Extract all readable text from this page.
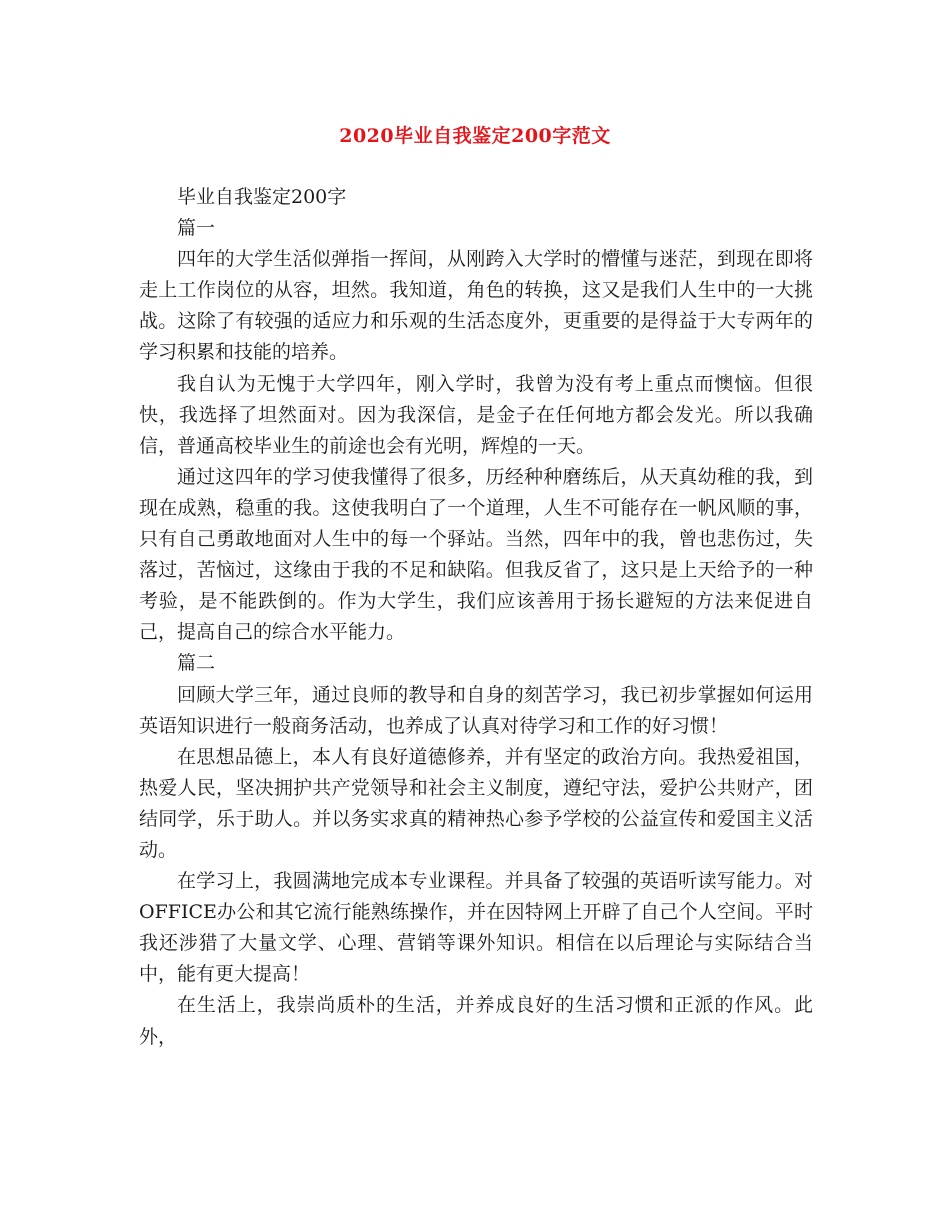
2020毕业自我鉴定200字范文

毕业自我鉴定200字

篇一

四年的大学生活似弹指一挥间，从刚跨入大学时的懵懂与迷茫，到现在即将走上工作岗位的从容，坦然。我知道，角色的转换，这又是我们人生中的一大挑战。这除了有较强的适应力和乐观的生活态度外，更重要的是得益于大专两年的学习积累和技能的培养。

我自认为无愧于大学四年，刚入学时，我曾为没有考上重点而懊恼。但很快，我选择了坦然面对。因为我深信，是金子在任何地方都会发光。所以我确信，普通高校毕业生的前途也会有光明，辉煌的一天。

通过这四年的学习使我懂得了很多，历经种种磨练后，从天真幼稚的我，到现在成熟，稳重的我。这使我明白了一个道理，人生不可能存在一帆风顺的事，只有自己勇敢地面对人生中的每一个驿站。当然，四年中的我，曾也悲伤过，失落过，苦恼过，这缘由于我的不足和缺陷。但我反省了，这只是上天给予的一种考验，是不能跌倒的。作为大学生，我们应该善用于扬长避短的方法来促进自己，提高自己的综合水平能力。

篇二

回顾大学三年，通过良师的教导和自身的刻苦学习，我已初步掌握如何运用英语知识进行一般商务活动，也养成了认真对待学习和工作的好习惯！

在思想品德上，本人有良好道德修养，并有坚定的政治方向。我热爱祖国，热爱人民，坚决拥护共产党领导和社会主义制度，遵纪守法，爱护公共财产，团结同学，乐于助人。并以务实求真的精神热心参予学校的公益宣传和爱国主义活动。

在学习上，我圆满地完成本专业课程。并具备了较强的英语听读写能力。对OFFICE办公和其它流行能熟练操作，并在因特网上开辟了自己个人空间。平时我还涉猎了大量文学、心理、营销等课外知识。相信在以后理论与实际结合当中，能有更大提高！

在生活上，我崇尚质朴的生活，并养成良好的生活习惯和正派的作风。此外，
